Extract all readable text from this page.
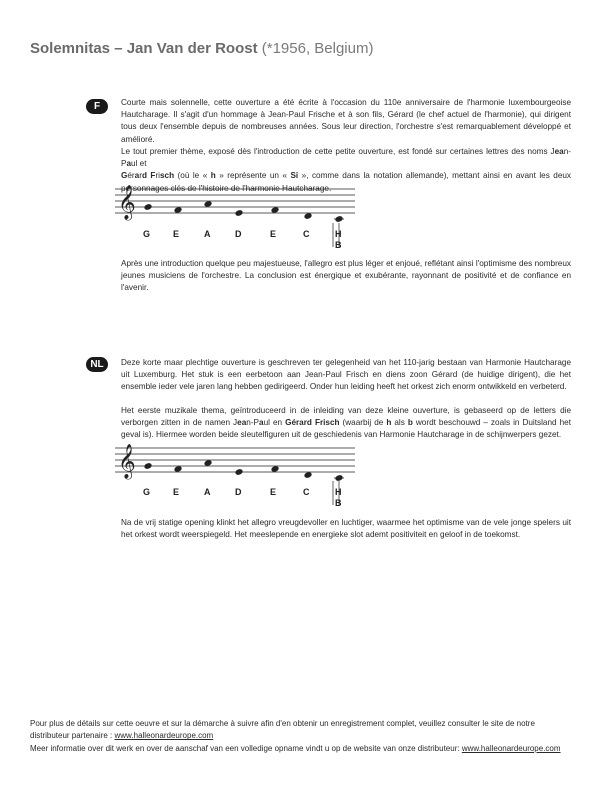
Solemnitas – Jan Van der Roost (*1956, Belgium)
F	Courte mais solennelle, cette ouverture a été écrite à l'occasion du 110e anniversaire de l'harmonie luxembourgeoise Hautcharage. Il s'agit d'un hommage à Jean-Paul Frische et à son fils, Gérard (le chef actuel de l'harmonie), qui dirigent tous deux l'ensemble depuis de nombreuses années. Sous leur direction, l'orchestre s'est remarquablement développé et amélioré.

Le tout premier thème, exposé dès l'introduction de cette petite ouverture, est fondé sur certaines lettres des noms Jean-Paul et
Gérard Frisch (où le « h » représente un « Si », comme dans la notation allemande), mettant ainsi en avant les deux personnages clés de l'histoire de l'harmonie Hautcharage.

𝄞
G	E	A	D	E	C	H
B

Après une introduction quelque peu majestueuse, l'allegro est plus léger et enjoué, reflétant ainsi l'optimisme des nombreux jeunes musiciens de l'orchestre. La conclusion est énergique et exubérante, rayonnant de positivité et de confiance en l'avenir.

NL	Deze korte maar plechtige ouverture is geschreven ter gelegenheid van het 110-jarig bestaan van Harmonie Hautcharage uit Luxemburg. Het stuk is een eerbetoon aan Jean-Paul Frisch en diens zoon Gérard (de huidige dirigent), die het ensemble ieder vele jaren lang hebben gedirigeerd. Onder hun leiding heeft het orkest zich enorm ontwikkeld en verbeterd.

Het eerste muzikale thema, geïntroduceerd in de inleiding van deze kleine ouverture, is gebaseerd op de letters die verborgen zitten in de namen Jean-Paul en Gérard Frisch (waarbij de h als b wordt beschouwd – zoals in Duitsland het geval is). Hiermee worden beide sleutelfiguren uit de geschiedenis van Harmonie Hautcharage in de schijnwerpers gezet.

𝄞
G	E	A	D	E	C	H
B

Na de vrij statige opening klinkt het allegro vreugdevoller en luchtiger, waarmee het optimisme van de vele jonge spelers uit het orkest wordt weerspiegeld. Het meeslepende en energieke slot ademt positiviteit en geloof in de toekomst.

Pour plus de détails sur cette oeuvre et sur la démarche à suivre afin d'en obtenir un enregistrement complet, veuillez consulter le site de notre distributeur partenaire : www.halleonardeurope.com
Meer informatie over dit werk en over de aanschaf van een volledige opname vindt u op de website van onze distributeur: www.halleonardeurope.com
